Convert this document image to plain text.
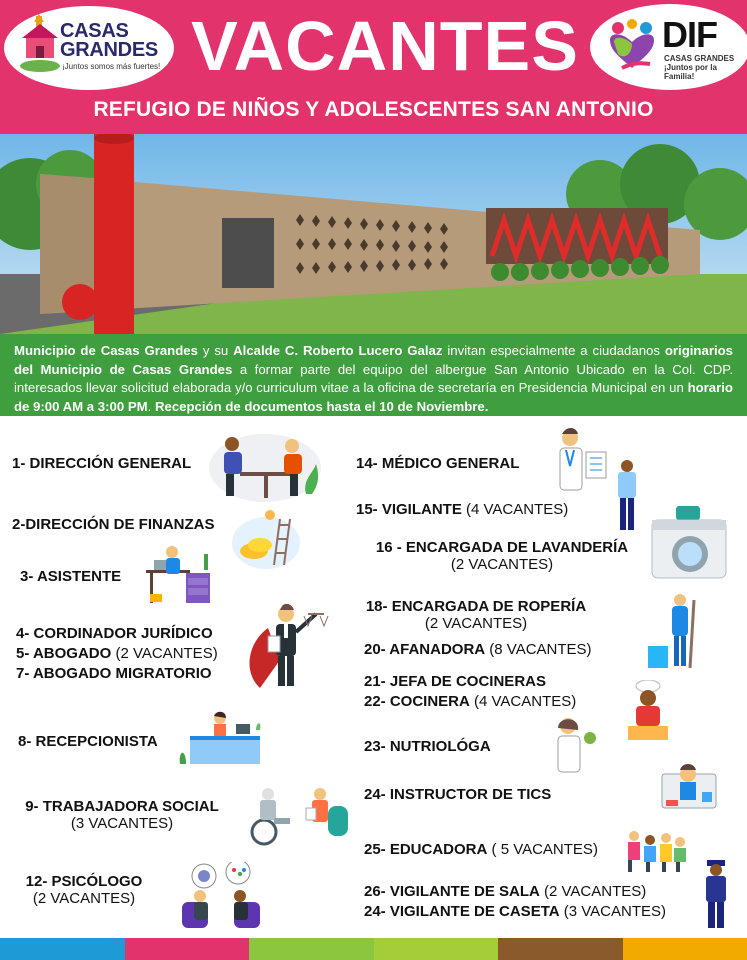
CASAS
GRANDES
¡Juntos somos más fuertes! VACANTES	DIF
CASAS GRANDES
¡Juntos por la Familia!
REFUGIO DE NIÑOS Y ADOLESCENTES SAN ANTONIO
Municipio de Casas Grandes y su Alcalde C. Roberto Lucero Galaz invitan especialmente a ciudadanos originarios del Municipio de Casas Grandes a formar parte del equipo del albergue San Antonio Ubicado en la Col. CDP. interesados llevar solicitud elaborada y/o curriculum vitae a la oficina de secretaría en Presidencia Municipal en un horario de 9:00 AM a 3:00 PM. Recepción de documentos hasta el 10 de Noviembre.
1- DIRECCIÓN GENERAL
2-DIRECCIÓN DE FINANZAS
3- ASISTENTE
4- CORDINADOR JURÍDICO
5- ABOGADO (2 VACANTES)
7- ABOGADO MIGRATORIO
8- RECEPCIONISTA
9- TRABAJADORA SOCIAL
(3 VACANTES)
12- PSICÓLOGO
(2 VACANTES)
14- MÉDICO GENERAL
15- VIGILANTE (4 VACANTES)
16 - ENCARGADA DE LAVANDERÍA
(2 VACANTES)
18- ENCARGADA DE ROPERÍA
(2 VACANTES)
20- AFANADORA (8 VACANTES)
21- JEFA DE COCINERAS
22- COCINERA (4 VACANTES)
23- NUTRIOLÓGA
24- INSTRUCTOR DE TICS
25- EDUCADORA ( 5 VACANTES)
26- VIGILANTE DE SALA (2 VACANTES)
24- VIGILANTE DE CASETA (3 VACANTES)
